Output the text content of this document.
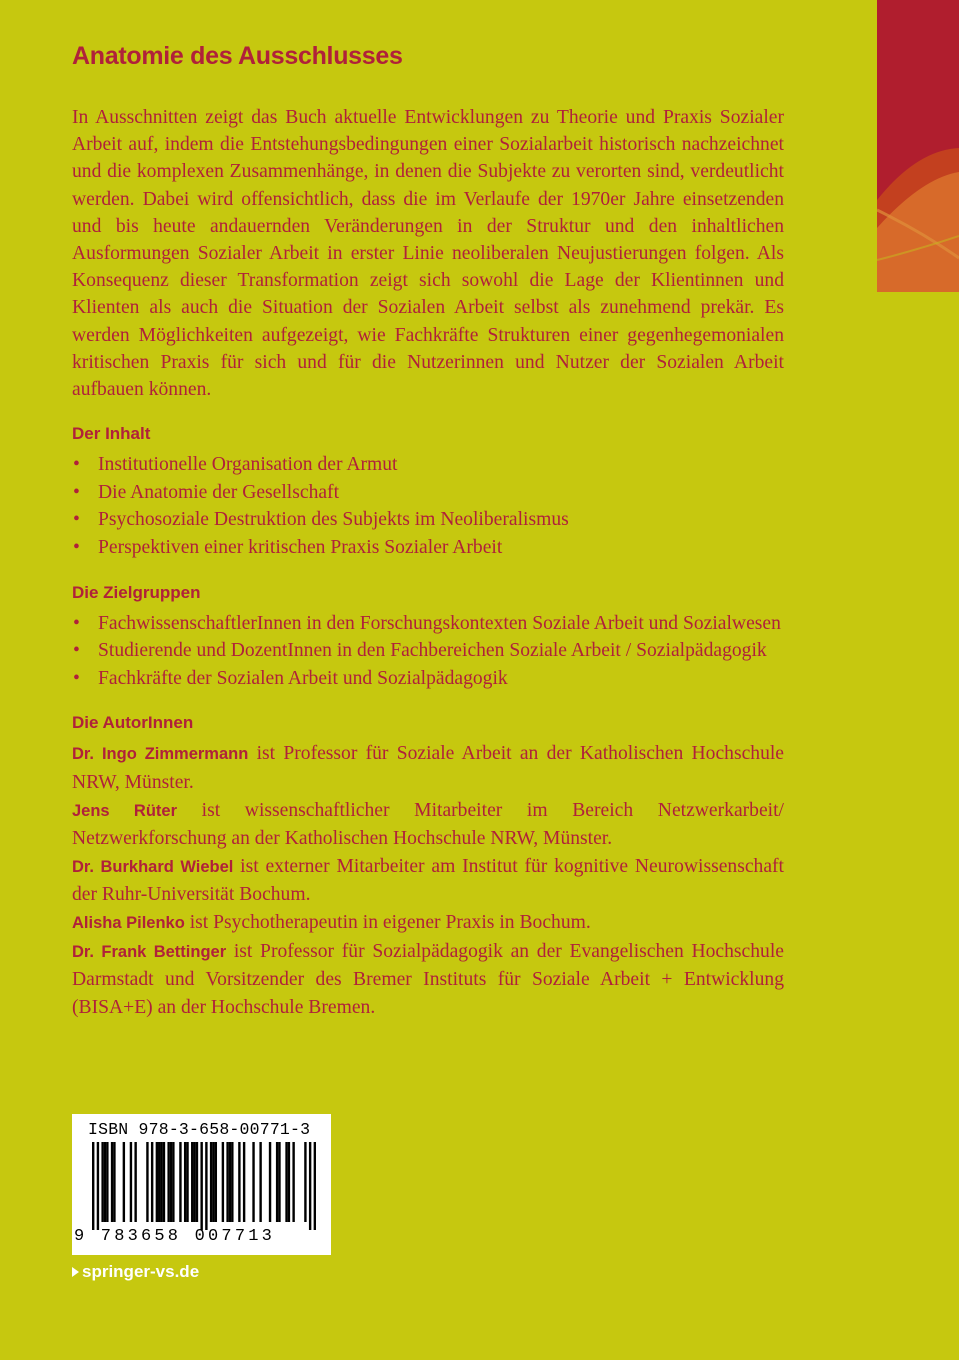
Anatomie des Ausschlusses

In Ausschnitten zeigt das Buch aktuelle Entwicklungen zu Theorie und Praxis Sozialer Arbeit auf, indem die Entstehungsbedingungen einer Sozialarbeit historisch nachzeichnet und die komplexen Zusammenhänge, in denen die Subjekte zu verorten sind, verdeutlicht werden. Dabei wird offensichtlich, dass die im Verlaufe der 1970er Jahre einsetzenden und bis heute andauernden Veränderungen in der Struktur und den inhaltlichen Ausformungen Sozialer Arbeit in erster Linie neoliberalen Neujustierungen folgen. Als Konsequenz dieser Transformation zeigt sich sowohl die Lage der Klientinnen und Klienten als auch die Situation der Sozialen Arbeit selbst als zunehmend prekär. Es werden Möglichkeiten aufgezeigt, wie Fachkräfte Strukturen einer gegenhegemonialen kritischen Praxis für sich und für die Nutzerinnen und Nutzer der Sozialen Arbeit aufbauen können.

Der Inhalt
• Institutionelle Organisation der Armut
• Die Anatomie der Gesellschaft
• Psychosoziale Destruktion des Subjekts im Neoliberalismus
• Perspektiven einer kritischen Praxis Sozialer Arbeit
Die Zielgruppen
• FachwissenschaftlerInnen in den Forschungskontexten Soziale Arbeit und Sozialwesen
• Studierende und DozentInnen in den Fachbereichen Soziale Arbeit / Sozialpädagogik
• Fachkräfte der Sozialen Arbeit und Sozialpädagogik
Die AutorInnen

Dr. Ingo Zimmermann ist Professor für Soziale Arbeit an der Katholischen Hochschule NRW, Münster.

Jens Rüter ist wissenschaftlicher Mitarbeiter im Bereich Netzwerkarbeit/ Netzwerkforschung an der Katholischen Hochschule NRW, Münster.

Dr. Burkhard Wiebel ist externer Mitarbeiter am Institut für kognitive Neurowissenschaft der Ruhr-Universität Bochum.

Alisha Pilenko ist Psychotherapeutin in eigener Praxis in Bochum.

Dr. Frank Bettinger ist Professor für Sozialpädagogik an der Evangelischen Hochschule Darmstadt und Vorsitzender des Bremer Instituts für Soziale Arbeit + Entwicklung (BISA+E) an der Hochschule Bremen.

ISBN 978-3-658-00771-3
9 783658 007713
springer-vs.de
